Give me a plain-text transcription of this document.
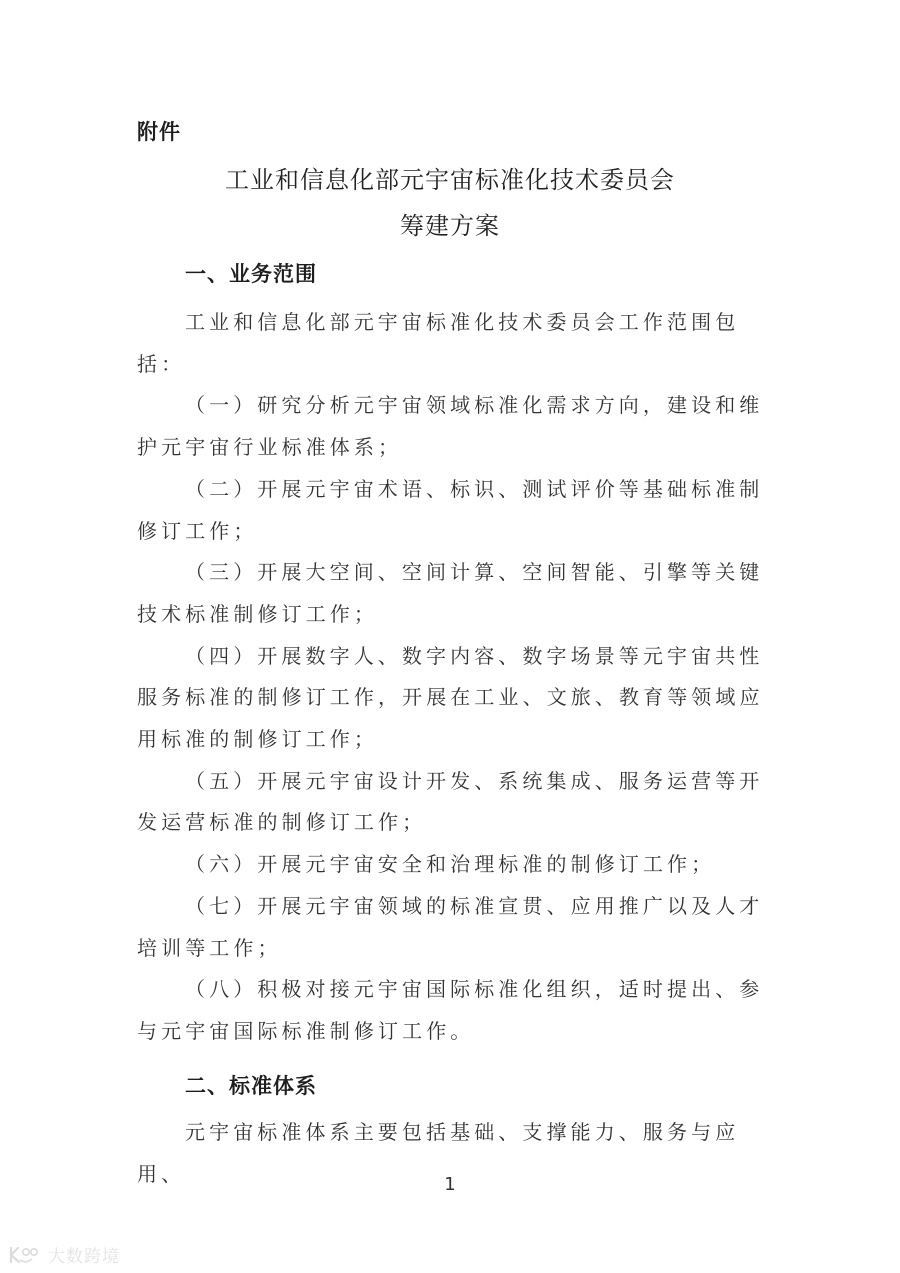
附件
工业和信息化部元宇宙标准化技术委员会
筹建方案
一、业务范围

工业和信息化部元宇宙标准化技术委员会工作范围包括：

（一）研究分析元宇宙领域标准化需求方向，建设和维护元宇宙行业标准体系；

（二）开展元宇宙术语、标识、测试评价等基础标准制修订工作；

（三）开展大空间、空间计算、空间智能、引擎等关键技术标准制修订工作；

（四）开展数字人、数字内容、数字场景等元宇宙共性服务标准的制修订工作，开展在工业、文旅、教育等领域应用标准的制修订工作；

（五）开展元宇宙设计开发、系统集成、服务运营等开发运营标准的制修订工作；

（六）开展元宇宙安全和治理标准的制修订工作；

（七）开展元宇宙领域的标准宣贯、应用推广以及人才培训等工作；

（八）积极对接元宇宙国际标准化组织，适时提出、参与元宇宙国际标准制修订工作。

二、标准体系

元宇宙标准体系主要包括基础、支撑能力、服务与应用、	1
大数跨境
